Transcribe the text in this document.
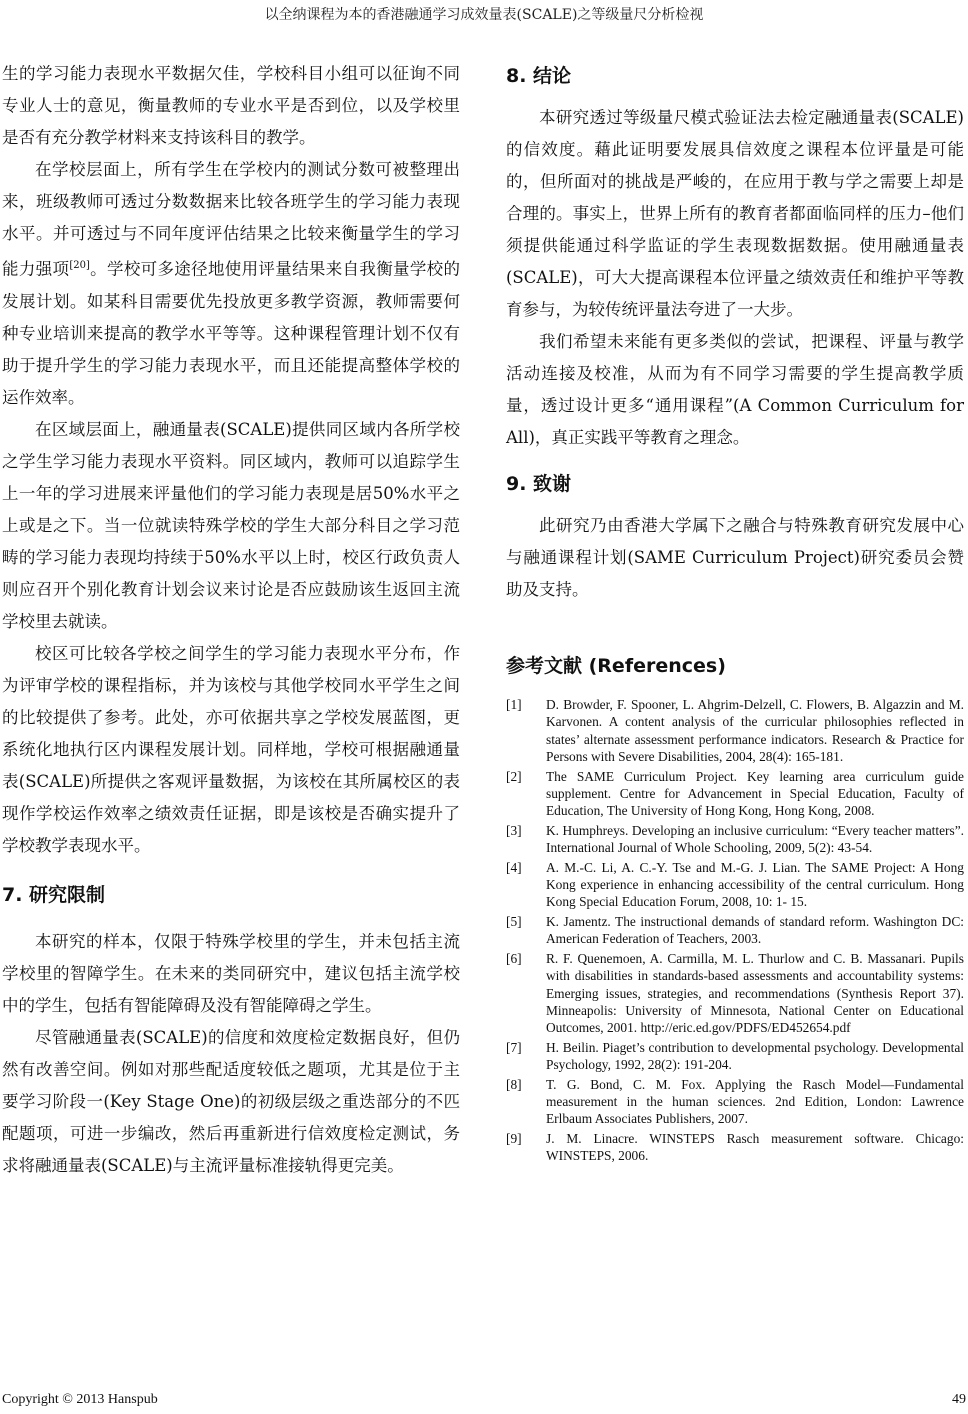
以全纳课程为本的香港融通学习成效量表(SCALE)之等级量尺分析检视

生的学习能力表现水平数据欠佳，学校科目小组可以征询不同专业人士的意见，衡量教师的专业水平是否到位，以及学校里是否有充分教学材料来支持该科目的教学。

在学校层面上，所有学生在学校内的测试分数可被整理出来，班级教师可透过分数数据来比较各班学生的学习能力表现水平。并可透过与不同年度评估结果之比较来衡量学生的学习能力强项[20]。学校可多途径地使用评量结果来自我衡量学校的发展计划。如某科目需要优先投放更多教学资源，教师需要何种专业培训来提高的教学水平等等。这种课程管理计划不仅有助于提升学生的学习能力表现水平，而且还能提高整体学校的运作效率。

在区域层面上，融通量表(SCALE)提供同区域内各所学校之学生学习能力表现水平资料。同区域内，教师可以追踪学生上一年的学习进展来评量他们的学习能力表现是居50%水平之上或是之下。当一位就读特殊学校的学生大部分科目之学习范畴的学习能力表现均持续于50%水平以上时，校区行政负责人则应召开个别化教育计划会议来讨论是否应鼓励该生返回主流学校里去就读。

校区可比较各学校之间学生的学习能力表现水平分布，作为评审学校的课程指标，并为该校与其他学校同水平学生之间的比较提供了参考。此处，亦可依据共享之学校发展蓝图，更系统化地执行区内课程发展计划。同样地，学校可根据融通量表(SCALE)所提供之客观评量数据，为该校在其所属校区的表现作学校运作效率之绩效责任证据，即是该校是否确实提升了学校教学表现水平。

7. 研究限制

本研究的样本，仅限于特殊学校里的学生，并未包括主流学校里的智障学生。在未来的类同研究中，建议包括主流学校中的学生，包括有智能障碍及没有智能障碍之学生。

尽管融通量表(SCALE)的信度和效度检定数据良好，但仍然有改善空间。例如对那些配适度较低之题项，尤其是位于主要学习阶段一(Key Stage One)的初级层级之重迭部分的不匹配题项，可进一步编改，然后再重新进行信效度检定测试，务求将融通量表(SCALE)与主流评量标准接轨得更完美。

8. 结论

本研究透过等级量尺模式验证法去检定融通量表(SCALE)的信效度。藉此证明要发展具信效度之课程本位评量是可能的，但所面对的挑战是严峻的，在应用于教与学之需要上却是合理的。事实上，世界上所有的教育者都面临同样的压力–他们须提供能通过科学监证的学生表现数据数据。使用融通量表(SCALE)，可大大提高课程本位评量之绩效责任和维护平等教育参与，为较传统评量法夸进了一大步。

我们希望未来能有更多类似的尝试，把课程、评量与教学活动连接及校准，从而为有不同学习需要的学生提高教学质量，透过设计更多“通用课程”(A Common Curriculum for All)，真正实践平等教育之理念。

9. 致谢

此研究乃由香港大学属下之融合与特殊教育研究发展中心与融通课程计划(SAME Curriculum Project)研究委员会赞助及支持。

参考文献 (References)
[1]	D. Browder, F. Spooner, L. Ahgrim-Delzell, C. Flowers, B. Algazzin and M. Karvonen. A content analysis of the curricular philosophies reflected in states’ alternate assessment performance indicators. Research & Practice for Persons with Severe Disabilities, 2004, 28(4): 165-181.
[2]	The SAME Curriculum Project. Key learning area curriculum guide supplement. Centre for Advancement in Special Education, Faculty of Education, The University of Hong Kong, Hong Kong, 2008.
[3]	K. Humphreys. Developing an inclusive curriculum: “Every teacher matters”. International Journal of Whole Schooling, 2009, 5(2): 43-54.
[4]	A. M.-C. Li, A. C.-Y. Tse and M.-G. J. Lian. The SAME Project: A Hong Kong experience in enhancing accessibility of the central curriculum. Hong Kong Special Education Forum, 2008, 10: 1- 15.
[5]	K. Jamentz. The instructional demands of standard reform. Washington DC: American Federation of Teachers, 2003.
[6]	R. F. Quenemoen, A. Carmilla, M. L. Thurlow and C. B. Massanari. Pupils with disabilities in standards-based assessments and accountability systems: Emerging issues, strategies, and recommendations (Synthesis Report 37). Minneapolis: University of Minnesota, National Center on Educational Outcomes, 2001. http://eric.ed.gov/PDFS/ED452654.pdf
[7]	H. Beilin. Piaget’s contribution to developmental psychology. Developmental Psychology, 1992, 28(2): 191-204.
[8]	T. G. Bond, C. M. Fox. Applying the Rasch Model—Fundamental measurement in the human sciences. 2nd Edition, London: Lawrence Erlbaum Associates Publishers, 2007.
[9]	J. M. Linacre. WINSTEPS Rasch measurement software. Chicago: WINSTEPS, 2006.
Copyright © 2013 Hanspub	49
